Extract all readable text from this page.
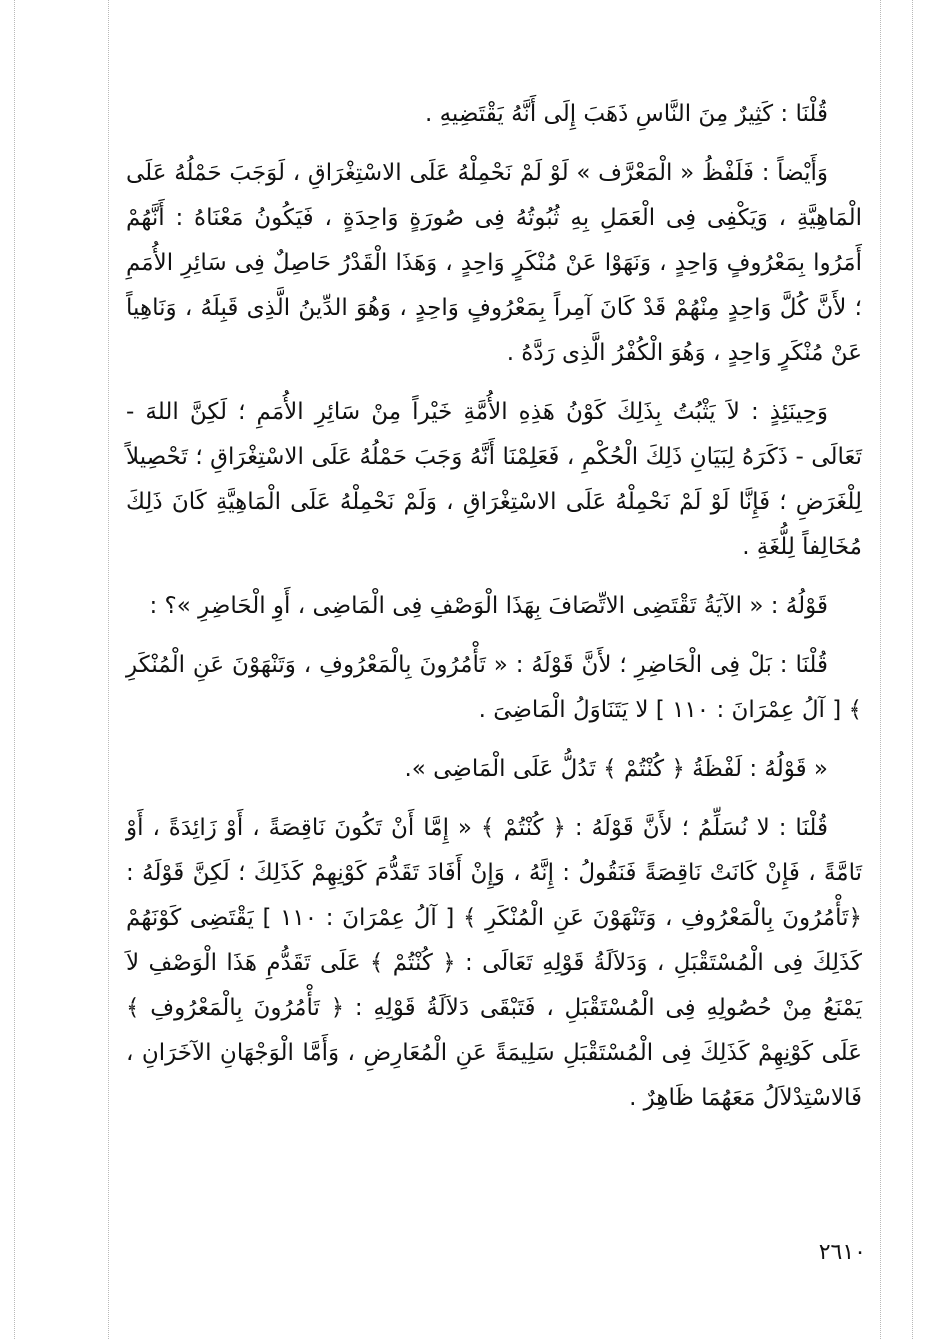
قُلْنَا : كَثِيرٌ مِنَ النَّاسِ ذَهَبَ إِلَى أَنَّهُ يَقْتَضِيهِ .

وَأَيْضاً : فَلَفْظُ « الْمَعْرَّف » لَوْ لَمْ نَحْمِلْهُ عَلَى الاسْتِغْرَاقِ ، لَوَجَبَ حَمْلُهُ عَلَى الْمَاهِيَّةِ ، وَيَكْفِى فِى الْعَمَلِ بِهِ ثُبُوتُهُ فِى صُورَةٍ وَاحِدَةٍ ، فَيَكُونُ مَعْنَاهُ : أَنَّهُمْ أَمَرُوا بِمَعْرُوفٍ وَاحِدٍ ، وَنَهَوْا عَنْ مُنْكَرٍ وَاحِدٍ ، وَهَذَا الْقَدْرُ حَاصِلٌ فِى سَائِرِ الأُمَمِ ؛ لأَنَّ كُلَّ وَاحِدٍ مِنْهُمْ قَدْ كَانَ آمِراً بِمَعْرُوفٍ وَاحِدٍ ، وَهُوَ الدِّينُ الَّذِى قَبِلَهُ ، وَنَاهِياً عَنْ مُنْكَرٍ وَاحِدٍ ، وَهُوَ الْكُفْرُ الَّذِى رَدَّهُ .

وَحِينَئِذٍ : لاَ يَثْبُتُ بِذَلِكَ كَوْنُ هَذِهِ الأُمَّةِ خَيْراً مِنْ سَائِرِ الأُمَمِ ؛ لَكِنَّ اللهَ - تَعَالَى - ذَكَرَهُ لِبَيَانِ ذَلِكَ الْحُكْمِ ، فَعَلِمْنَا أَنَّهُ وَجَبَ حَمْلُهُ عَلَى الاسْتِغْرَاقِ ؛ تَحْصِيلاً لِلْغَرَضِ ؛ فَإِنَّا لَوْ لَمْ نَحْمِلْهُ عَلَى الاسْتِغْرَاقِ ، وَلَمْ نَحْمِلْهُ عَلَى الْمَاهِيَّةِ كَانَ ذَلِكَ مُخَالِفاً لِلُّغَةِ .

قَوْلُهُ : « الآيَةُ تَقْتَضِى الاتِّصَافَ بِهَذَا الْوَصْفِ فِى الْمَاضِى ، أَوِ الْحَاضِرِ »؟ :

قُلْنَا : بَلْ فِى الْحَاضِرِ ؛ لأَنَّ قَوْلَهُ : « تَأْمُرُونَ بِالْمَعْرُوفِ ، وَتَنْهَوْنَ عَنِ الْمُنْكَرِ ﴾ [ آلُ عِمْرَانَ : ١١٠ ] لا يَتَنَاوَلُ الْمَاضِىَ .

« قَوْلُهُ : لَفْظَةُ ﴿ كُنْتُمْ ﴾ تَدُلُّ عَلَى الْمَاضِى ».

قُلْنَا : لا نُسَلِّمُ ؛ لأَنَّ قَوْلَهُ : ﴿ كُنْتُمْ ﴾ « إِمَّا أَنْ تَكُونَ نَاقِصَةً ، أَوْ زَائِدَةً ، أَوْ تَامَّةً ، فَإِنْ كَانَتْ نَاقِصَةً فَنَقُولُ : إِنَّهُ ، وَإِنْ أَفَادَ تَقَدُّمَ كَوْنِهِمْ كَذَلِكَ ؛ لَكِنَّ قَوْلَهُ : ﴿تَأْمُرُونَ بِالْمَعْرُوفِ ، وَتَنْهَوْنَ عَنِ الْمُنْكَرِ ﴾ [ آلُ عِمْرَانَ : ١١٠ ] يَقْتَضِى كَوْنَهُمْ كَذَلِكَ فِى الْمُسْتَقْبَلِ ، وَدَلاَلَةُ قَوْلِهِ تَعَالَى : ﴿ كُنْتُمْ ﴾ عَلَى تَقَدُّمِ هَذَا الْوَصْفِ لاَ يَمْنَعُ مِنْ حُصُولِهِ فِى الْمُسْتَقْبَلِ ، فَتَبْقَى دَلاَلَةُ قَوْلِهِ : ﴿ تَأْمُرُونَ بِالْمَعْرُوفِ ﴾ عَلَى كَوْنِهِمْ كَذَلِكَ فِى الْمُسْتَقْبَلِ سَلِيمَةً عَنِ الْمُعَارِضِ ، وَأَمَّا الْوَجْهَانِ الآخَرَانِ ، فَالاسْتِدْلاَلُ مَعَهُمَا ظَاهِرٌ .

٢٦١٠
